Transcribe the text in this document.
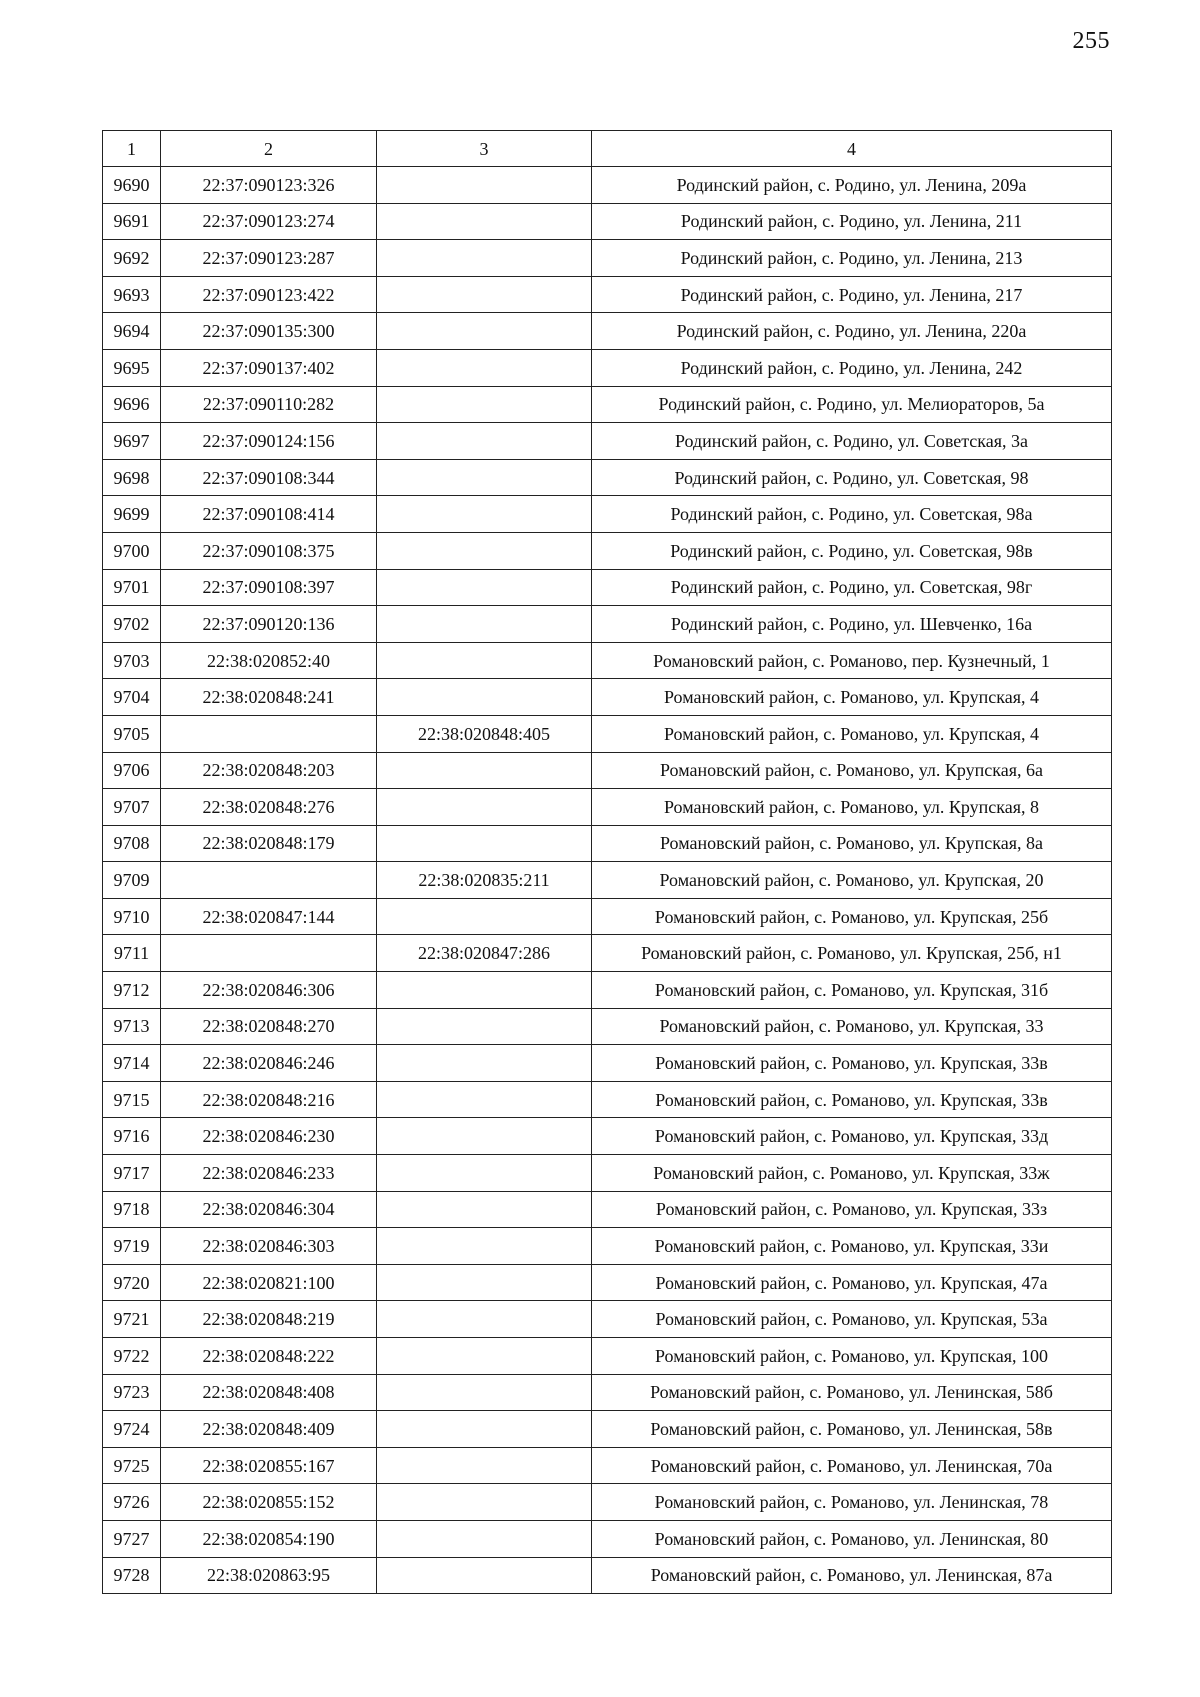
255
1	2	3	4
9690	22:37:090123:326		Родинский район, с. Родино, ул. Ленина, 209а
9691	22:37:090123:274		Родинский район, с. Родино, ул. Ленина, 211
9692	22:37:090123:287		Родинский район, с. Родино, ул. Ленина, 213
9693	22:37:090123:422		Родинский район, с. Родино, ул. Ленина, 217
9694	22:37:090135:300		Родинский район, с. Родино, ул. Ленина, 220а
9695	22:37:090137:402		Родинский район, с. Родино, ул. Ленина, 242
9696	22:37:090110:282		Родинский район, с. Родино, ул. Мелиораторов, 5а
9697	22:37:090124:156		Родинский район, с. Родино, ул. Советская, 3а
9698	22:37:090108:344		Родинский район, с. Родино, ул. Советская, 98
9699	22:37:090108:414		Родинский район, с. Родино, ул. Советская, 98а
9700	22:37:090108:375		Родинский район, с. Родино, ул. Советская, 98в
9701	22:37:090108:397		Родинский район, с. Родино, ул. Советская, 98г
9702	22:37:090120:136		Родинский район, с. Родино, ул. Шевченко, 16а
9703	22:38:020852:40		Романовский район, с. Романово, пер. Кузнечный, 1
9704	22:38:020848:241		Романовский район, с. Романово, ул. Крупская, 4
9705		22:38:020848:405	Романовский район, с. Романово, ул. Крупская, 4
9706	22:38:020848:203		Романовский район, с. Романово, ул. Крупская, 6а
9707	22:38:020848:276		Романовский район, с. Романово, ул. Крупская, 8
9708	22:38:020848:179		Романовский район, с. Романово, ул. Крупская, 8а
9709		22:38:020835:211	Романовский район, с. Романово, ул. Крупская, 20
9710	22:38:020847:144		Романовский район, с. Романово, ул. Крупская, 25б
9711		22:38:020847:286	Романовский район, с. Романово, ул. Крупская, 25б, н1
9712	22:38:020846:306		Романовский район, с. Романово, ул. Крупская, 31б
9713	22:38:020848:270		Романовский район, с. Романово, ул. Крупская, 33
9714	22:38:020846:246		Романовский район, с. Романово, ул. Крупская, 33в
9715	22:38:020848:216		Романовский район, с. Романово, ул. Крупская, 33в
9716	22:38:020846:230		Романовский район, с. Романово, ул. Крупская, 33д
9717	22:38:020846:233		Романовский район, с. Романово, ул. Крупская, 33ж
9718	22:38:020846:304		Романовский район, с. Романово, ул. Крупская, 33з
9719	22:38:020846:303		Романовский район, с. Романово, ул. Крупская, 33и
9720	22:38:020821:100		Романовский район, с. Романово, ул. Крупская, 47а
9721	22:38:020848:219		Романовский район, с. Романово, ул. Крупская, 53а
9722	22:38:020848:222		Романовский район, с. Романово, ул. Крупская, 100
9723	22:38:020848:408		Романовский район, с. Романово, ул. Ленинская, 58б
9724	22:38:020848:409		Романовский район, с. Романово, ул. Ленинская, 58в
9725	22:38:020855:167		Романовский район, с. Романово, ул. Ленинская, 70а
9726	22:38:020855:152		Романовский район, с. Романово, ул. Ленинская, 78
9727	22:38:020854:190		Романовский район, с. Романово, ул. Ленинская, 80
9728	22:38:020863:95		Романовский район, с. Романово, ул. Ленинская, 87а
